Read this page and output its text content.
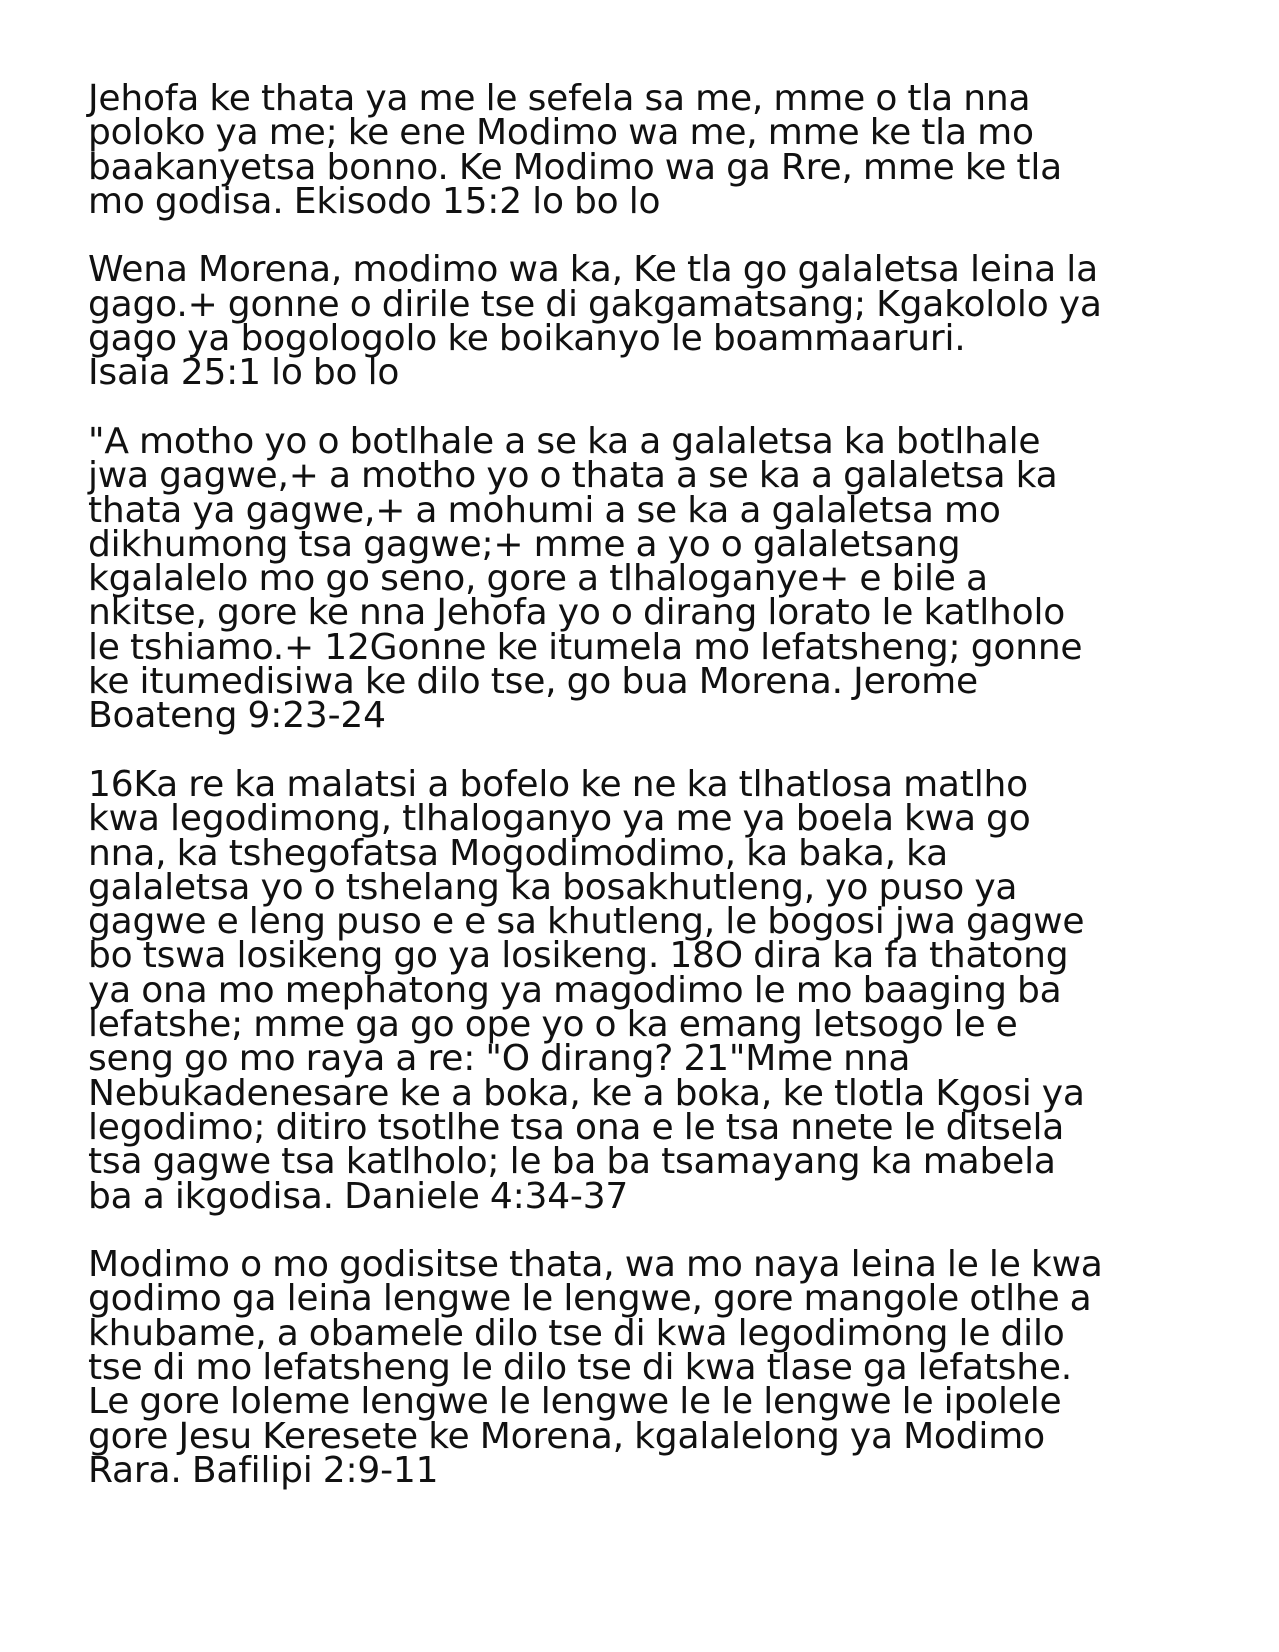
Jehofa ke thata ya me le sefela sa me, mme o tla nna
poloko ya me; ke ene Modimo wa me, mme ke tla mo
baakanyetsa bonno. Ke Modimo wa ga Rre, mme ke tla
mo godisa. Ekisodo 15:2 lo bo lo

Wena Morena, modimo wa ka, Ke tla go galaletsa leina la
gago.+ gonne o dirile tse di gakgamatsang; Kgakololo ya
gago ya bogologolo ke boikanyo le boammaaruri.
Isaia 25:1 lo bo lo

"A motho yo o botlhale a se ka a galaletsa ka botlhale
jwa gagwe,+ a motho yo o thata a se ka a galaletsa ka
thata ya gagwe,+ a mohumi a se ka a galaletsa mo
dikhumong tsa gagwe;+ mme a yo o galaletsang
kgalalelo mo go seno, gore a tlhaloganye+ e bile a
nkitse, gore ke nna Jehofa yo o dirang lorato le katlholo
le tshiamo.+ 12Gonne ke itumela mo lefatsheng; gonne
ke itumedisiwa ke dilo tse, go bua Morena. Jerome
Boateng 9:23-24

16Ka re ka malatsi a bofelo ke ne ka tlhatlosa matlho
kwa legodimong, tlhaloganyo ya me ya boela kwa go
nna, ka tshegofatsa Mogodimodimo, ka baka, ka
galaletsa yo o tshelang ka bosakhutleng, yo puso ya
gagwe e leng puso e e sa khutleng, le bogosi jwa gagwe
bo tswa losikeng go ya losikeng. 18O dira ka fa thatong
ya ona mo mephatong ya magodimo le mo baaging ba
lefatshe; mme ga go ope yo o ka emang letsogo le e
seng go mo raya a re: "O dirang? 21"Mme nna
Nebukadenesare ke a boka, ke a boka, ke tlotla Kgosi ya
legodimo; ditiro tsotlhe tsa ona e le tsa nnete le ditsela
tsa gagwe tsa katlholo; le ba ba tsamayang ka mabela
ba a ikgodisa. Daniele 4:34-37

Modimo o mo godisitse thata, wa mo naya leina le le kwa
godimo ga leina lengwe le lengwe, gore mangole otlhe a
khubame, a obamele dilo tse di kwa legodimong le dilo
tse di mo lefatsheng le dilo tse di kwa tlase ga lefatshe.
Le gore loleme lengwe le lengwe le le lengwe le ipolele
gore Jesu Keresete ke Morena, kgalalelong ya Modimo
Rara. Bafilipi 2:9-11
